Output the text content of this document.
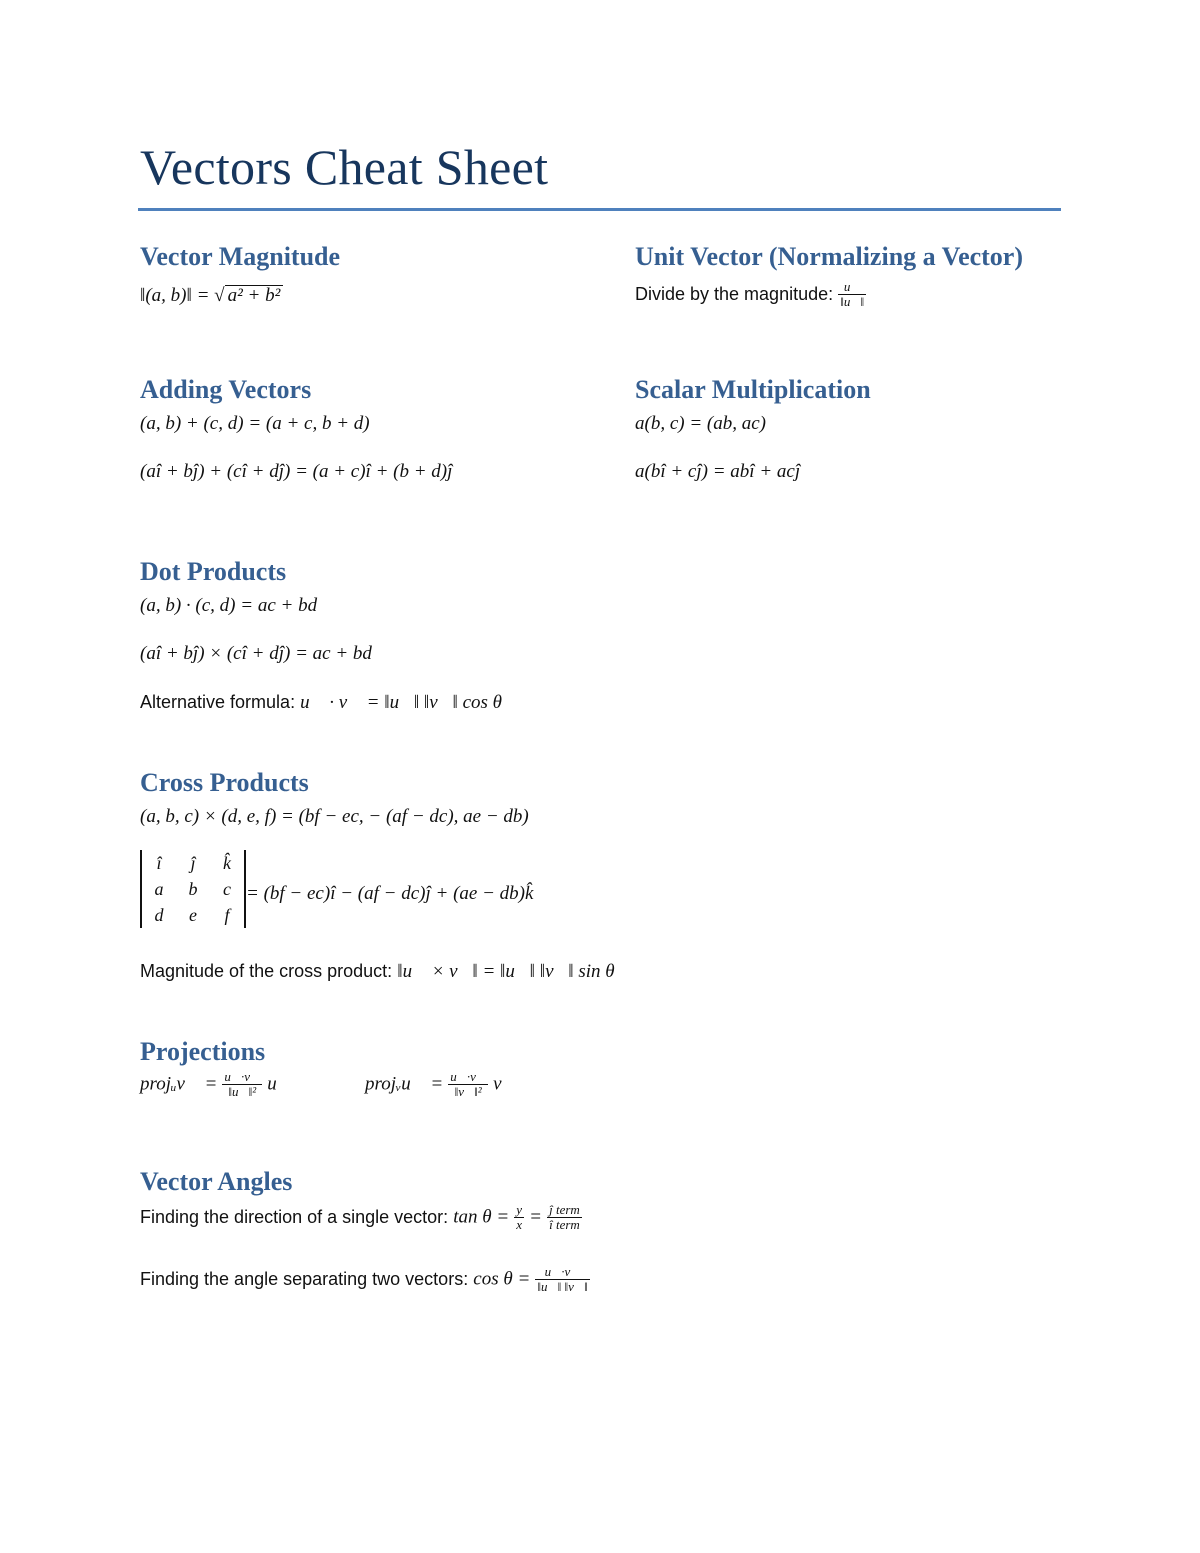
Vectors Cheat Sheet
Vector Magnitude
‖(a, b)‖ = √ a² + b²
Unit Vector (Normalizing a Vector)
Divide by the magnitude: $\frac{u⃗}{‖u⃗‖}$
Adding Vectors
(a, b) + (c, d) = (a + c, b + d)
(aî + bĵ) + (cî + dĵ) = (a + c)î + (b + d)ĵ
Scalar Multiplication
a(b, c) = (ab, ac)
a(bî + cĵ) = abî + acĵ
Dot Products
(a, b) · (c, d) = ac + bd
(aî + bĵ) × (cî + dĵ) = ac + bd
Alternative formula: u⃗ · v⃗ = ‖u⃗‖ ‖v⃗‖ cos θ
Cross Products
(a, b, c) × (d, e, f) = (bf − ec, − (af − dc), ae − db)
î	ĵ	k̂
a	b	c
d	e	f
= (bf − ec)î − (af − dc)ĵ + (ae − db)k̂
Magnitude of the cross product: ‖u⃗ × v⃗‖ = ‖u⃗‖ ‖v⃗‖ sin θ
Projections
projᵤv⃗ = $\frac{u⃗\cdot v⃗}{\text{‖u⃗‖²}}$ u⃗	projᵥu⃗ = $\frac{u⃗\cdot v⃗}{\text{‖v⃗‖²}}$ v⃗
Vector Angles
Finding the direction of a single vector: $\tan \theta = \frac{y}{x} = \frac{\text{ĵ term}}{\text{î term}}$
Finding the angle separating two vectors: $\cos \theta = \frac{u⃗\cdot v⃗}{‖u⃗‖ ‖v⃗‖}$
